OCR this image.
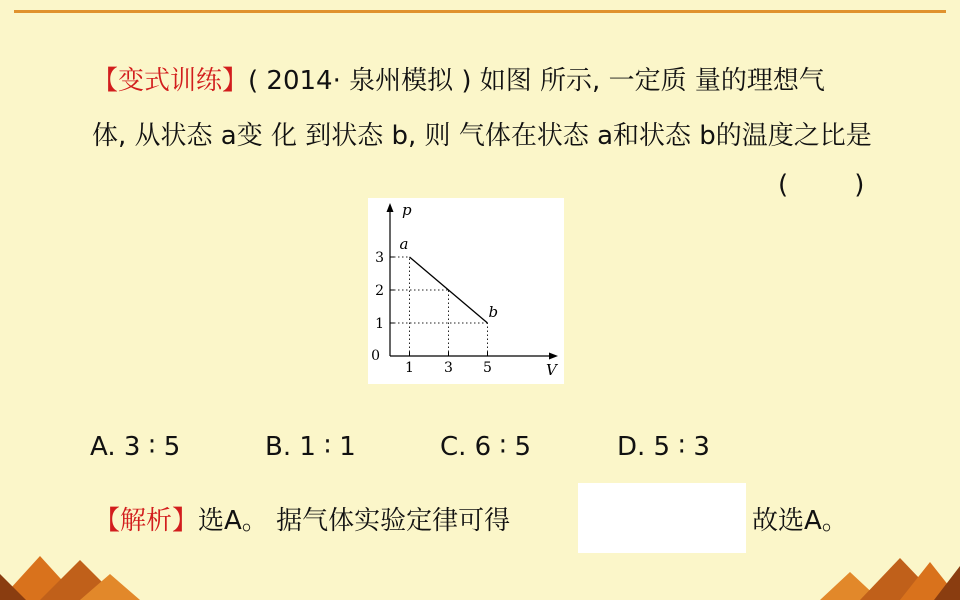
【变式训练】( 2014· 泉州模拟 ) 如图 所示, 一定质 量的理想气
体, 从状态 a变 化 到状态 b, 则 气体在状态 a和状态 b的温度之比是
(        )
1 3 5
1
2
3
p
V
0
a
b
A. 3 ∶ 5	B. 1 ∶ 1	C. 6 ∶ 5	D. 5 ∶ 3
【解析】选A。 据气体实验定律可得	故选A。
